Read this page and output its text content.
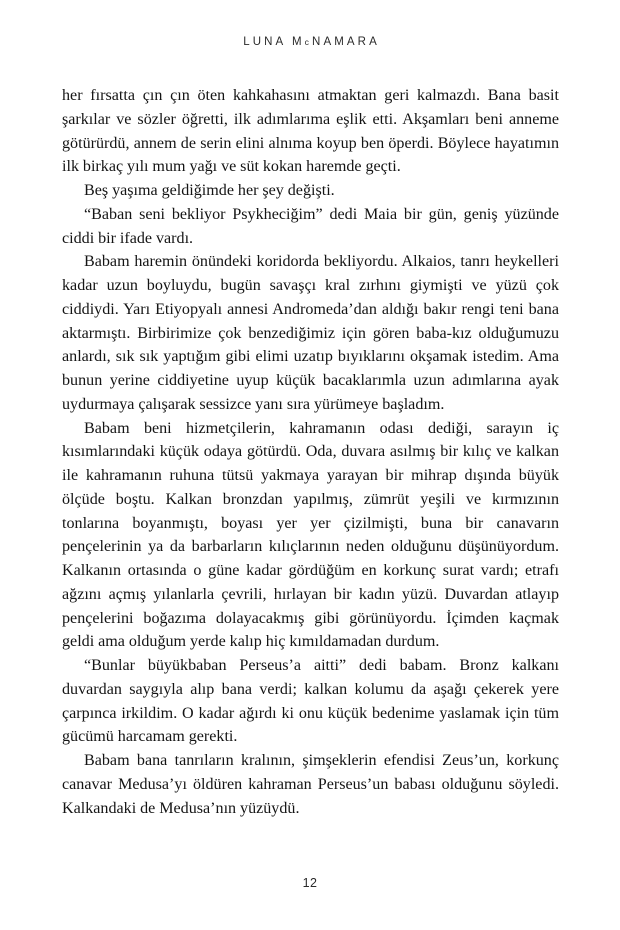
LUNA McNAMARA

her fırsatta çın çın öten kahkahasını atmaktan geri kalmazdı. Bana basit şarkılar ve sözler öğretti, ilk adımlarıma eşlik etti. Akşamları beni anneme götürürdü, annem de serin elini alnıma koyup ben öperdi. Böylece hayatımın ilk birkaç yılı mum yağı ve süt kokan haremde geçti.

Beş yaşıma geldiğimde her şey değişti.

“Baban seni bekliyor Psykheciğim” dedi Maia bir gün, geniş yüzünde ciddi bir ifade vardı.

Babam haremin önündeki koridorda bekliyordu. Alkaios, tanrı heykelleri kadar uzun boyluydu, bugün savaşçı kral zırhını giymişti ve yüzü çok ciddiydi. Yarı Etiyopyalı annesi Andromeda’dan aldığı bakır rengi teni bana aktarmıştı. Birbirimize çok benzediğimiz için gören baba-kız olduğumuzu anlardı, sık sık yaptığım gibi elimi uzatıp bıyıklarını okşamak istedim. Ama bunun yerine ciddiyetine uyup küçük bacaklarımla uzun adımlarına ayak uydurmaya çalışarak sessizce yanı sıra yürümeye başladım.

Babam beni hizmetçilerin, kahramanın odası dediği, sarayın iç kısımlarındaki küçük odaya götürdü. Oda, duvara asılmış bir kılıç ve kalkan ile kahramanın ruhuna tütsü yakmaya yarayan bir mihrap dışında büyük ölçüde boştu. Kalkan bronzdan yapılmış, zümrüt yeşili ve kırmızının tonlarına boyanmıştı, boyası yer yer çizilmişti, buna bir canavarın pençelerinin ya da barbarların kılıçlarının neden olduğunu düşünüyordum. Kalkanın ortasında o güne kadar gördüğüm en korkunç surat vardı; etrafı ağzını açmış yılanlarla çevrili, hırlayan bir kadın yüzü. Duvardan atlayıp pençelerini boğazıma dolayacakmış gibi görünüyordu. İçimden kaçmak geldi ama olduğum yerde kalıp hiç kımıldamadan durdum.

“Bunlar büyükbaban Perseus’a aitti” dedi babam. Bronz kalkanı duvardan saygıyla alıp bana verdi; kalkan kolumu da aşağı çekerek yere çarpınca irkildim. O kadar ağırdı ki onu küçük bedenime yaslamak için tüm gücümü harcamam gerekti.

Babam bana tanrıların kralının, şimşeklerin efendisi Zeus’un, korkunç canavar Medusa’yı öldüren kahraman Perseus’un babası olduğunu söyledi. Kalkandaki de Medusa’nın yüzüydü.

12
